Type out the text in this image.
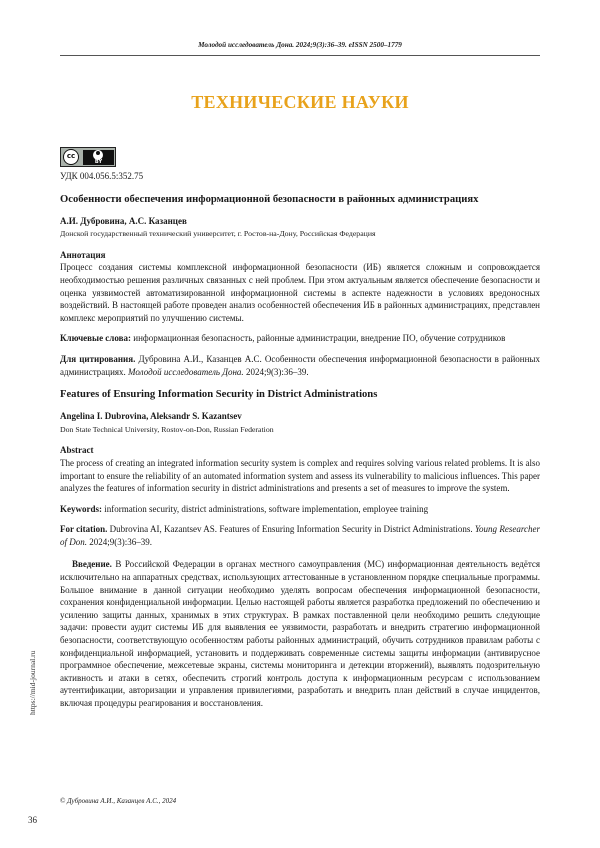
Молодой исследователь Дона. 2024;9(3):36–39. eISSN 2500–1779
ТЕХНИЧЕСКИЕ НАУКИ
cc
BY

УДК 004.056.5:352.75

Особенности обеспечения информационной безопасности в районных администрациях

А.И. Дубровина, А.С. Казанцев

Донской государственный технический университет, г. Ростов-на-Дону, Российская Федерация

Аннотация

Процесс создания системы комплексной информационной безопасности (ИБ) является сложным и сопровождается необходимостью решения различных связанных с ней проблем. При этом актуальным является обеспечение безопасности и оценка уязвимостей автоматизированной информационной системы в аспекте надежности в условиях вредоносных воздействий. В настоящей работе проведен анализ особенностей обеспечения ИБ в районных администрациях, представлен комплекс мероприятий по улучшению системы.

Ключевые слова: информационная безопасность, районные администрации, внедрение ПО, обучение сотрудников

Для цитирования. Дубровина А.И., Казанцев А.С. Особенности обеспечения информационной безопасности в районных администрациях. Молодой исследователь Дона. 2024;9(3):36–39.

Features of Ensuring Information Security in District Administrations

Angelina I. Dubrovina, Aleksandr S. Kazantsev

Don State Technical University, Rostov-on-Don, Russian Federation

Abstract

The process of creating an integrated information security system is complex and requires solving various related problems. It is also important to ensure the reliability of an automated information system and assess its vulnerability to malicious influences. This paper analyzes the features of information security in district administrations and presents a set of measures to improve the system.

Keywords: information security, district administrations, software implementation, employee training

For citation. Dubrovina AI, Kazantsev AS. Features of Ensuring Information Security in District Administrations. Young Researcher of Don. 2024;9(3):36–39.

Введение. В Российской Федерации в органах местного самоуправления (МС) информационная деятельность ведётся исключительно на аппаратных средствах, использующих аттестованные в установленном порядке специальные программы. Большое внимание в данной ситуации необходимо уделять вопросам обеспечения информационной безопасности, сохранения конфиденциальной информации. Целью настоящей работы является разработка предложений по обеспечению и усилению защиты данных, хранимых в этих структурах. В рамках поставленной цели необходимо решить следующие задачи: провести аудит системы ИБ для выявления ее уязвимости, разработать и внедрить стратегию информационной безопасности, соответствующую особенностям работы районных администраций, обучить сотрудников правилам работы с конфиденциальной информацией, установить и поддерживать современные системы защиты информации (антивирусное программное обеспечение, межсетевые экраны, системы мониторинга и детекции вторжений), выявлять подозрительную активность и атаки в сетях, обеспечить строгий контроль доступа к информационным ресурсам с использованием аутентификации, авторизации и управления привилегиями, разработать и внедрить план действий в случае инцидентов, включая процедуры реагирования и восстановления.

https://mid-journal.ru
© Дубровина А.И., Казанцев А.С., 2024
36
